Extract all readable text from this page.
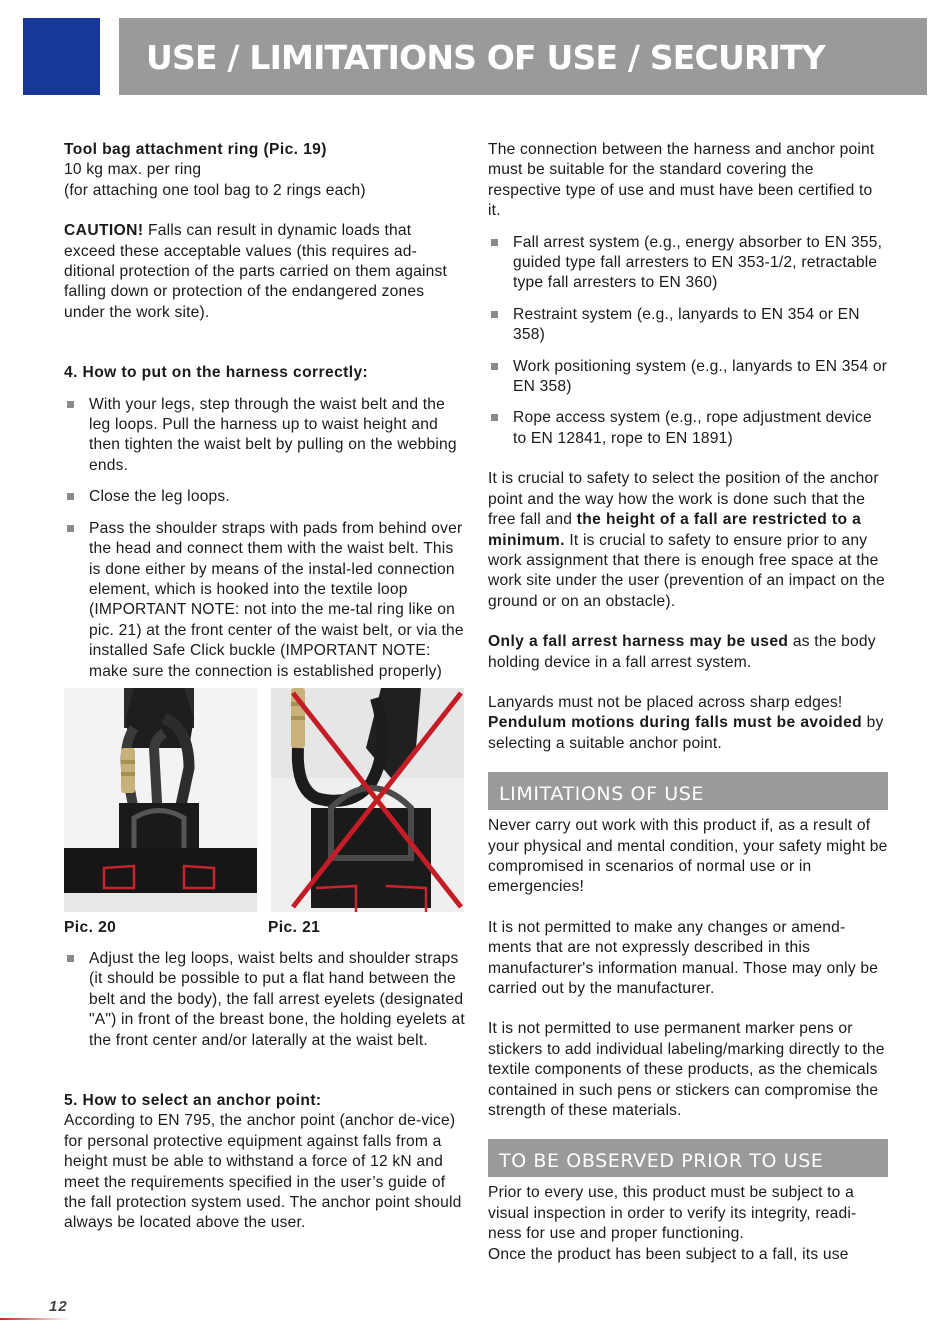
USE / LIMITATIONS OF USE / SECURITY

Tool bag attachment ring (Pic. 19)

10 kg max. per ring

(for attaching one tool bag to 2 rings each)

CAUTION! Falls can result in dynamic loads that exceed these acceptable values (this requires ad-ditional protection of the parts carried on them against falling down or protection of the endangered zones under the work site).

4. How to put on the harness correctly:

With your legs, step through the waist belt and the leg loops. Pull the harness up to waist height and then tighten the waist belt by pulling on the webbing ends.
Close the leg loops.
Pass the shoulder straps with pads from behind over the head and connect them with the waist belt. This is done either by means of the instal-led connection element, which is hooked into the textile loop (IMPORTANT NOTE: not into the me-tal ring like on pic. 21) at the front center of the waist belt, or via the installed Safe Click buckle (IMPORTANT NOTE: make sure the connection is established properly)
Pic. 20	Pic. 21
Adjust the leg loops, waist belts and shoulder straps (it should be possible to put a flat hand between the belt and the body), the fall arrest eyelets (designated "A") in front of the breast bone, the holding eyelets at the front center and/or laterally at the waist belt.

5. How to select an anchor point:

According to EN 795, the anchor point (anchor de-vice) for personal protective equipment against falls from a height must be able to withstand a force of 12 kN and meet the requirements specified in the user’s guide of the fall protection system used. The anchor point should always be located above the user.

The connection between the harness and anchor point must be suitable for the standard covering the respective type of use and must have been certified to it.

Fall arrest system (e.g., energy absorber to EN 355, guided type fall arresters to EN 353-1/2, retractable type fall arresters to EN 360)
Restraint system (e.g., lanyards to EN 354 or EN 358)
Work positioning system (e.g., lanyards to EN 354 or EN 358)
Rope access system (e.g., rope adjustment device to EN 12841, rope to EN 1891)

It is crucial to safety to select the position of the anchor point and the way how the work is done such that the free fall and the height of a fall are restricted to a minimum. It is crucial to safety to ensure prior to any work assignment that there is enough free space at the work site under the user (prevention of an impact on the ground or on an obstacle).

Only a fall arrest harness may be used as the body holding device in a fall arrest system.

Lanyards must not be placed across sharp edges!

Pendulum motions during falls must be avoided by selecting a suitable anchor point.

LIMITATIONS OF USE

Never carry out work with this product if, as a result of your physical and mental condition, your safety might be compromised in scenarios of normal use or in emergencies!

It is not permitted to make any changes or amend-ments that are not expressly described in this manufacturer's information manual. Those may only be carried out by the manufacturer.

It is not permitted to use permanent marker pens or stickers to add individual labeling/marking directly to the textile components of these products, as the chemicals contained in such pens or stickers can compromise the strength of these materials.

TO BE OBSERVED PRIOR TO USE

Prior to every use, this product must be subject to a visual inspection in order to verify its integrity, readi-ness for use and proper functioning.

Once the product has been subject to a fall, its use

12
